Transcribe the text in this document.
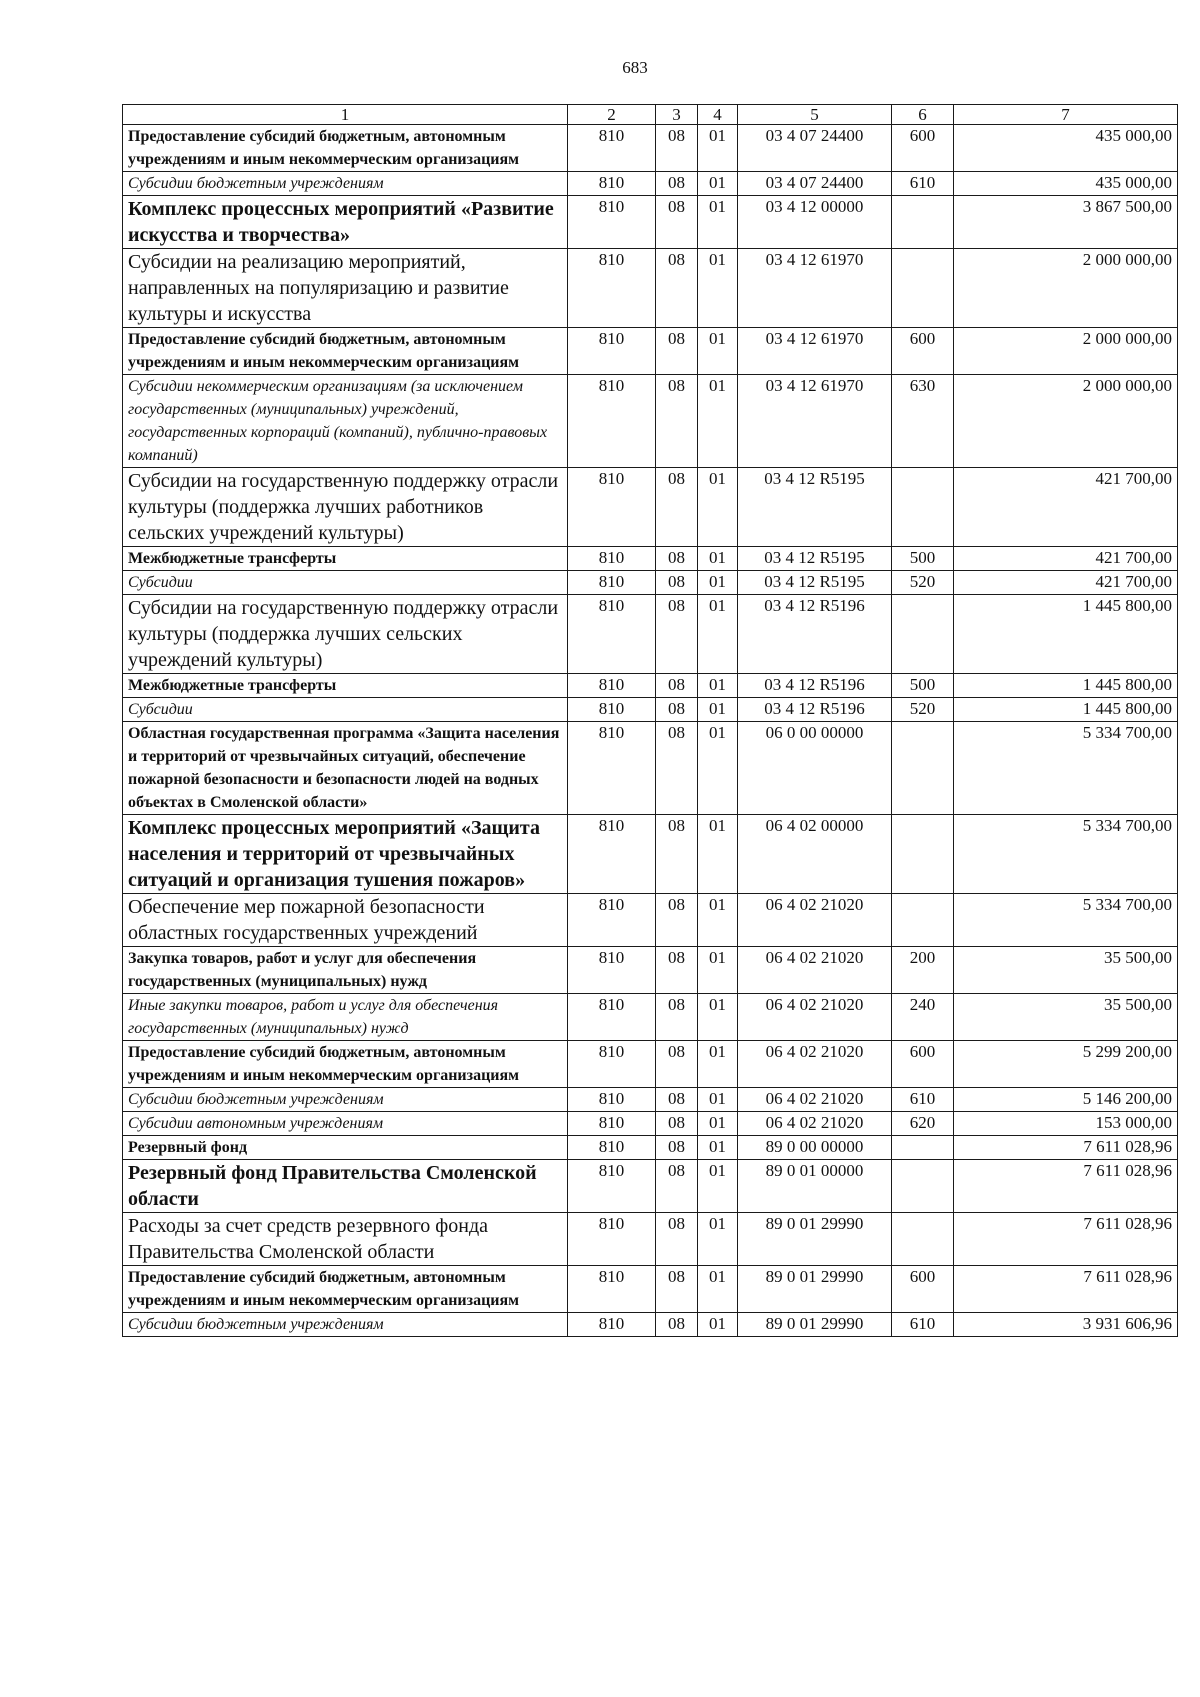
683
1	2	3	4	5	6	7
Предоставление субсидий бюджетным, автономным учреждениям и иным некоммерческим организациям	810	08	01	03 4 07 24400	600	435 000,00
Субсидии бюджетным учреждениям	810	08	01	03 4 07 24400	610	435 000,00
Комплекс процессных мероприятий «Развитие искусства и творчества»	810	08	01	03 4 12 00000		3 867 500,00
Субсидии на реализацию мероприятий, направленных на популяризацию и развитие культуры и искусства	810	08	01	03 4 12 61970		2 000 000,00
Предоставление субсидий бюджетным, автономным учреждениям и иным некоммерческим организациям	810	08	01	03 4 12 61970	600	2 000 000,00
Субсидии некоммерческим организациям (за исключением государственных (муниципальных) учреждений, государственных корпораций (компаний), публично-правовых компаний)	810	08	01	03 4 12 61970	630	2 000 000,00
Субсидии на государственную поддержку отрасли культуры (поддержка лучших работников сельских учреждений культуры)	810	08	01	03 4 12 R5195		421 700,00
Межбюджетные трансферты	810	08	01	03 4 12 R5195	500	421 700,00
Субсидии	810	08	01	03 4 12 R5195	520	421 700,00
Субсидии на государственную поддержку отрасли культуры (поддержка лучших сельских учреждений культуры)	810	08	01	03 4 12 R5196		1 445 800,00
Межбюджетные трансферты	810	08	01	03 4 12 R5196	500	1 445 800,00
Субсидии	810	08	01	03 4 12 R5196	520	1 445 800,00
Областная государственная программа «Защита населения и территорий от чрезвычайных ситуаций, обеспечение пожарной безопасности и безопасности людей на водных объектах в Смоленской области»	810	08	01	06 0 00 00000		5 334 700,00
Комплекс процессных мероприятий «Защита населения и территорий от чрезвычайных ситуаций и организация тушения пожаров»	810	08	01	06 4 02 00000		5 334 700,00
Обеспечение мер пожарной безопасности областных государственных учреждений	810	08	01	06 4 02 21020		5 334 700,00
Закупка товаров, работ и услуг для обеспечения государственных (муниципальных) нужд	810	08	01	06 4 02 21020	200	35 500,00
Иные закупки товаров, работ и услуг для обеспечения государственных (муниципальных) нужд	810	08	01	06 4 02 21020	240	35 500,00
Предоставление субсидий бюджетным, автономным учреждениям и иным некоммерческим организациям	810	08	01	06 4 02 21020	600	5 299 200,00
Субсидии бюджетным учреждениям	810	08	01	06 4 02 21020	610	5 146 200,00
Субсидии автономным учреждениям	810	08	01	06 4 02 21020	620	153 000,00
Резервный фонд	810	08	01	89 0 00 00000		7 611 028,96
Резервный фонд Правительства Смоленской области	810	08	01	89 0 01 00000		7 611 028,96
Расходы за счет средств резервного фонда Правительства Смоленской области	810	08	01	89 0 01 29990		7 611 028,96
Предоставление субсидий бюджетным, автономным учреждениям и иным некоммерческим организациям	810	08	01	89 0 01 29990	600	7 611 028,96
Субсидии бюджетным учреждениям	810	08	01	89 0 01 29990	610	3 931 606,96
